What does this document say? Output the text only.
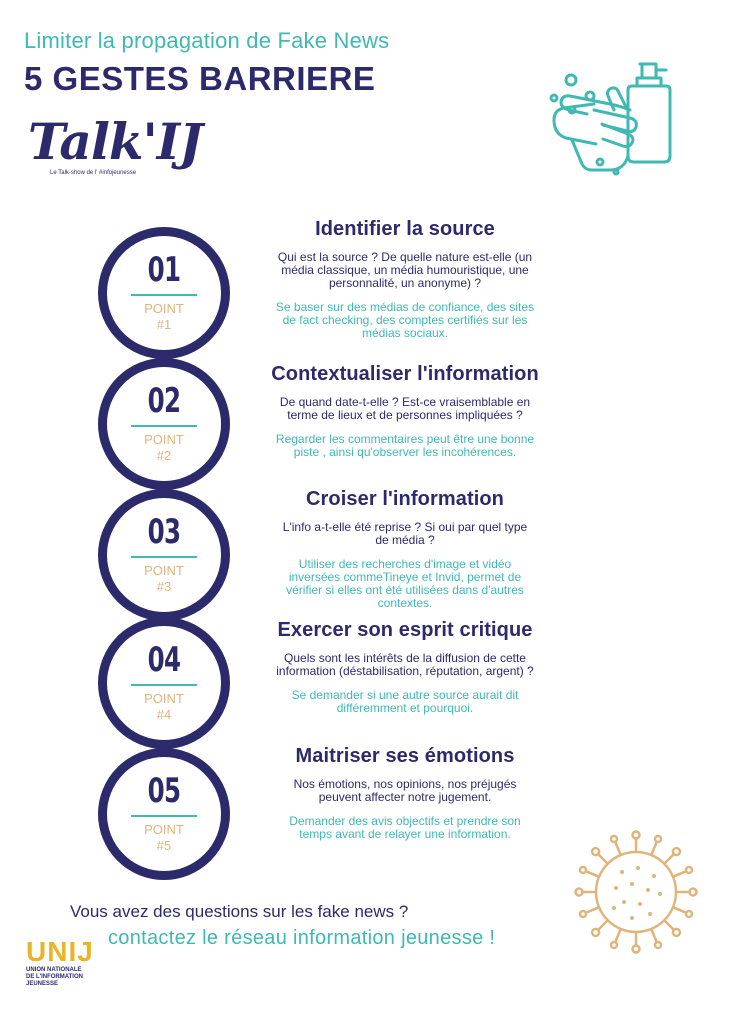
Limiter la propagation de Fake News
5 GESTES BARRIERE
Talk'IJ
Le Talk-show de l' #infojeunesse
01
POINT
#1
Identifier la source
Qui est la source ? De quelle nature est-elle (un média classique, un média humouristique, une personnalité, un anonyme) ?
Se baser sur des médias de confiance, des sites de fact checking, des comptes certifiés sur les médias sociaux.
02
POINT
#2
Contextualiser l'information
De quand date-t-elle ? Est-ce vraisemblable en terme de lieux et de personnes impliquées ?
Regarder les commentaires peut être une bonne piste , ainsi qu'observer les incohérences.
03
POINT
#3
Croiser l'information
L'info a-t-elle été reprise ? Si oui par quel type de média ?
Utiliser des recherches d'image et vidéo inversées commeTineye et Invid, permet de vérifier si elles ont été utilisées dans d'autres contextes.
04
POINT
#4
Exercer son esprit critique
Quels sont les intérêts de la diffusion de cette information (déstabilisation, réputation, argent) ?
Se demander si une autre source aurait dit différemment et pourquoi.
05
POINT
#5
Maitriser ses émotions
Nos émotions, nos opinions, nos préjugés peuvent affecter notre jugement.
Demander des avis objectifs et prendre son temps avant de relayer une information.
Vous avez des questions sur les fake news ?
contactez le réseau information jeunesse !
UNIJ
UNION NATIONALE
DE L'INFORMATION
JEUNESSE
